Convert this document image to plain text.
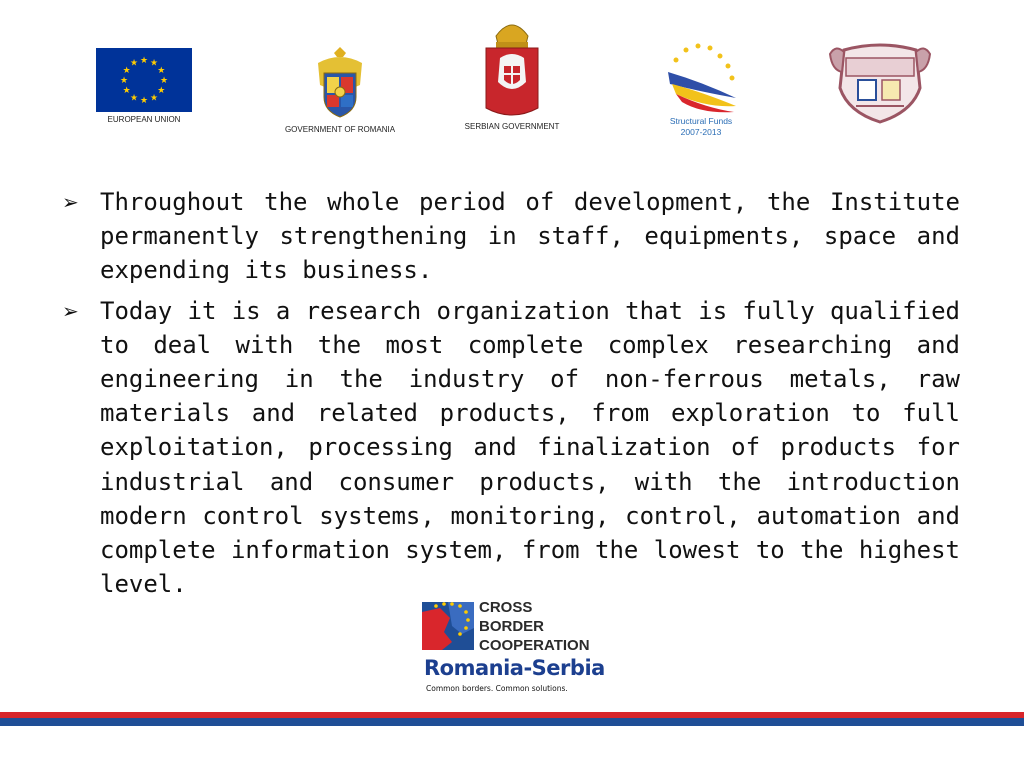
★ ★
★
★
★
★
★
★
★
★
★
★
EUROPEAN UNION
GOVERNMENT OF ROMANIA	SERBIAN GOVERNMENT
Structural Funds
2007-2013
➢ Throughout the whole period of development, the Institute permanently strengthening in staff, equipments, space and expending its business.
➢ Today it is a research organization that is fully qualified to deal with the most complete complex researching and engineering in the industry of non-ferrous metals, raw materials and related products, from exploration to full exploitation, processing and finalization of products for industrial and consumer products, with the introduction modern control systems, monitoring, control, automation and complete information system, from the lowest to the highest level.
CROSS
BORDER
COOPERATION
Romania-Serbia
Common borders. Common solutions.
